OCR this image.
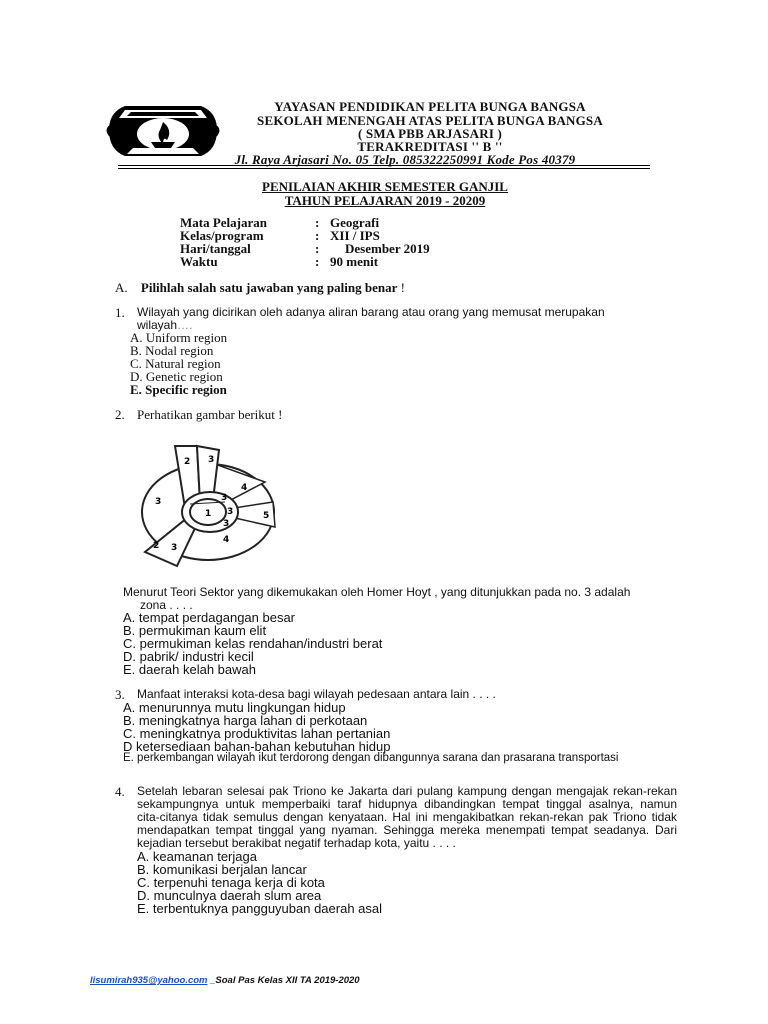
YAYASAN PENDIDIKAN PELITA BUNGA BANGSA
SEKOLAH MENENGAH ATAS PELITA BUNGA BANGSA
( SMA PBB ARJASARI )
TERAKREDITASI '' B ''
Jl. Raya Arjasari No. 05 Telp. 085322250991 Kode Pos 40379
PENILAIAN AKHIR SEMESTER GANJIL
TAHUN PELAJARAN 2019 - 20209
Mata Pelajaran	: Geografi
Kelas/program	: XII / IPS
Hari/tanggal	: Desember 2019
Waktu	: 90 menit
A. Pilihlah salah satu jawaban yang paling benar !
1. Wilayah yang dicirikan oleh adanya aliran barang atau orang yang memusat merupakan
wilayah….
A. Uniform region
B. Nodal region
C. Natural region
D. Genetic region
E. Specific region
2. Perhatikan gambar berikut !
1
2 3
3
4
3
3	5
3
2 3
4
Menurut Teori Sektor yang dikemukakan oleh Homer Hoyt , yang ditunjukkan pada no. 3 adalah
zona . . . .
A. tempat perdagangan besar
B. permukiman kaum elit
C. permukiman kelas rendahan/industri berat
D. pabrik/ industri kecil
E. daerah kelah bawah
3. Manfaat interaksi kota-desa bagi wilayah pedesaan antara lain . . . .
A. menurunnya mutu lingkungan hidup
B. meningkatnya harga lahan di perkotaan
C. meningkatnya produktivitas lahan pertanian
D ketersediaan bahan-bahan kebutuhan hidup
E. perkembangan wilayah ikut terdorong dengan dibangunnya sarana dan prasarana transportasi
4. Setelah lebaran selesai pak Triono ke Jakarta dari pulang kampung dengan mengajak rekan-rekan
sekampungnya untuk memperbaiki taraf hidupnya dibandingkan tempat tinggal asalnya, namun
cita-citanya tidak semulus dengan kenyataan. Hal ini mengakibatkan rekan-rekan pak Triono tidak
mendapatkan tempat tinggal yang nyaman. Sehingga mereka menempati tempat seadanya. Dari
kejadian tersebut berakibat negatif terhadap kota, yaitu . . . .
A. keamanan terjaga
B. komunikasi berjalan lancar
C. terpenuhi tenaga kerja di kota
D. munculnya daerah slum area
E. terbentuknya pangguyuban daerah asal
lisumirah935@yahoo.com _Soal Pas Kelas XII TA 2019-2020
